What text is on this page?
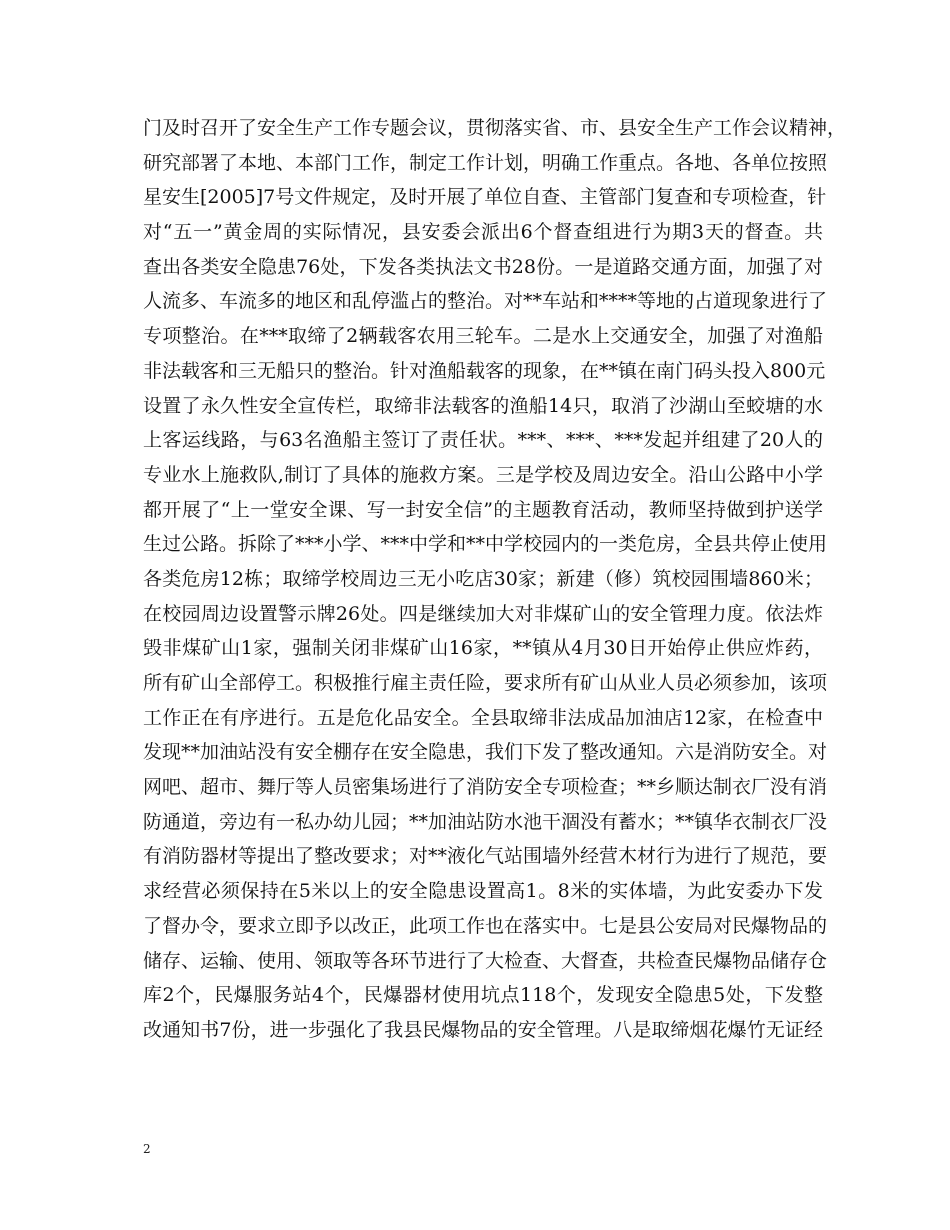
门及时召开了安全生产工作专题会议，贯彻落实省、市、县安全生产工作会议精神，
研究部署了本地、本部门工作，制定工作计划，明确工作重点。各地、各单位按照
星安生[2005]7号文件规定，及时开展了单位自查、主管部门复查和专项检查，针
对“五一”黄金周的实际情况，县安委会派出6个督查组进行为期3天的督查。共
查出各类安全隐患76处，下发各类执法文书28份。一是道路交通方面，加强了对
人流多、车流多的地区和乱停滥占的整治。对**车站和****等地的占道现象进行了
专项整治。在***取缔了2辆载客农用三轮车。二是水上交通安全，加强了对渔船
非法载客和三无船只的整治。针对渔船载客的现象，在**镇在南门码头投入800元
设置了永久性安全宣传栏，取缔非法载客的渔船14只，取消了沙湖山至蛟塘的水
上客运线路，与63名渔船主签订了责任状。***、***、***发起并组建了20人的
专业水上施救队,制订了具体的施救方案。三是学校及周边安全。沿山公路中小学
都开展了“上一堂安全课、写一封安全信”的主题教育活动，教师坚持做到护送学
生过公路。拆除了***小学、***中学和**中学校园内的一类危房，全县共停止使用
各类危房12栋；取缔学校周边三无小吃店30家；新建（修）筑校园围墙860米；
在校园周边设置警示牌26处。四是继续加大对非煤矿山的安全管理力度。依法炸
毁非煤矿山1家，强制关闭非煤矿山16家，**镇从4月30日开始停止供应炸药，
所有矿山全部停工。积极推行雇主责任险，要求所有矿山从业人员必须参加，该项
工作正在有序进行。五是危化品安全。全县取缔非法成品加油店12家，在检查中
发现**加油站没有安全棚存在安全隐患，我们下发了整改通知。六是消防安全。对
网吧、超市、舞厅等人员密集场进行了消防安全专项检查；**乡顺达制衣厂没有消
防通道，旁边有一私办幼儿园；**加油站防水池干涸没有蓄水；**镇华衣制衣厂没
有消防器材等提出了整改要求；对**液化气站围墙外经营木材行为进行了规范，要
求经营必须保持在5米以上的安全隐患设置高1。8米的实体墙，为此安委办下发
了督办令，要求立即予以改正，此项工作也在落实中。七是县公安局对民爆物品的
储存、运输、使用、领取等各环节进行了大检查、大督查，共检查民爆物品储存仓
库2个，民爆服务站4个，民爆器材使用坑点118个，发现安全隐患5处，下发整
改通知书7份，进一步强化了我县民爆物品的安全管理。八是取缔烟花爆竹无证经
2
